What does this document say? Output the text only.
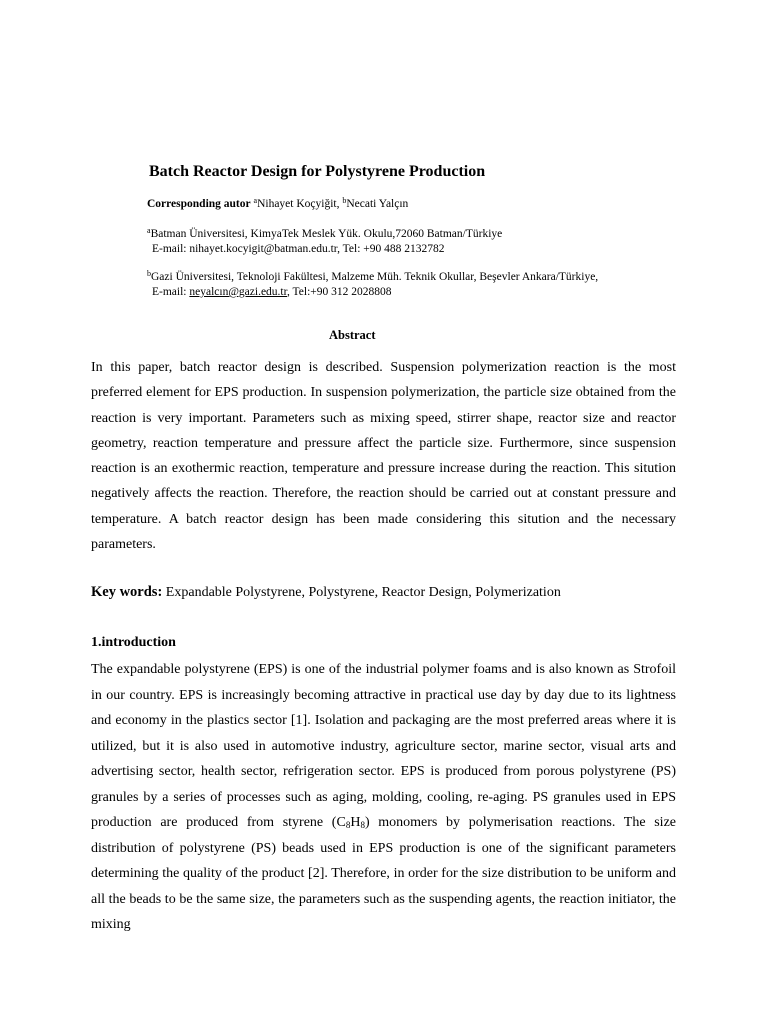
Batch Reactor Design for Polystyrene Production
Corresponding autor $^a$Nihayet Koçyiğit, $^b$Necati Yalçın
$^a$Batman Üniversitesi, KimyaTek Meslek Yük. Okulu,72060 Batman/Türkiye
E-mail: nihayet.kocyigit@batman.edu.tr, Tel: +90 488 2132782
$^b$Gazi Üniversitesi, Teknoloji Fakültesi, Malzeme Müh. Teknik Okullar, Beşevler Ankara/Türkiye,
E-mail: neyalcın@gazi.edu.tr, Tel:+90 312 2028808
Abstract

In this paper, batch reactor design is described. Suspension polymerization reaction is the most preferred element for EPS production. In suspension polymerization, the particle size obtained from the reaction is very important. Parameters such as mixing speed, stirrer shape, reactor size and reactor geometry, reaction temperature and pressure affect the particle size. Furthermore, since suspension reaction is an exothermic reaction, temperature and pressure increase during the reaction. This sitution negatively affects the reaction. Therefore, the reaction should be carried out at constant pressure and temperature. A batch reactor design has been made considering this sitution and the necessary parameters.

Key words: Expandable Polystyrene, Polystyrene, Reactor Design, Polymerization

1.introduction

The expandable polystyrene (EPS) is one of the industrial polymer foams and is also known as Strofoil in our country. EPS is increasingly becoming attractive in practical use day by day due to its lightness and economy in the plastics sector [1]. Isolation and packaging are the most preferred areas where it is utilized, but it is also used in automotive industry, agriculture sector, marine sector, visual arts and advertising sector, health sector, refrigeration sector. EPS is produced from porous polystyrene (PS) granules by a series of processes such as aging, molding, cooling, re-aging. PS granules used in EPS production are produced from styrene $(C_8H_8)$ monomers by polymerisation reactions. The size distribution of polystyrene (PS) beads used in EPS production is one of the significant parameters determining the quality of the product [2]. Therefore, in order for the size distribution to be uniform and all the beads to be the same size, the parameters such as the suspending agents, the reaction initiator, the mixing
